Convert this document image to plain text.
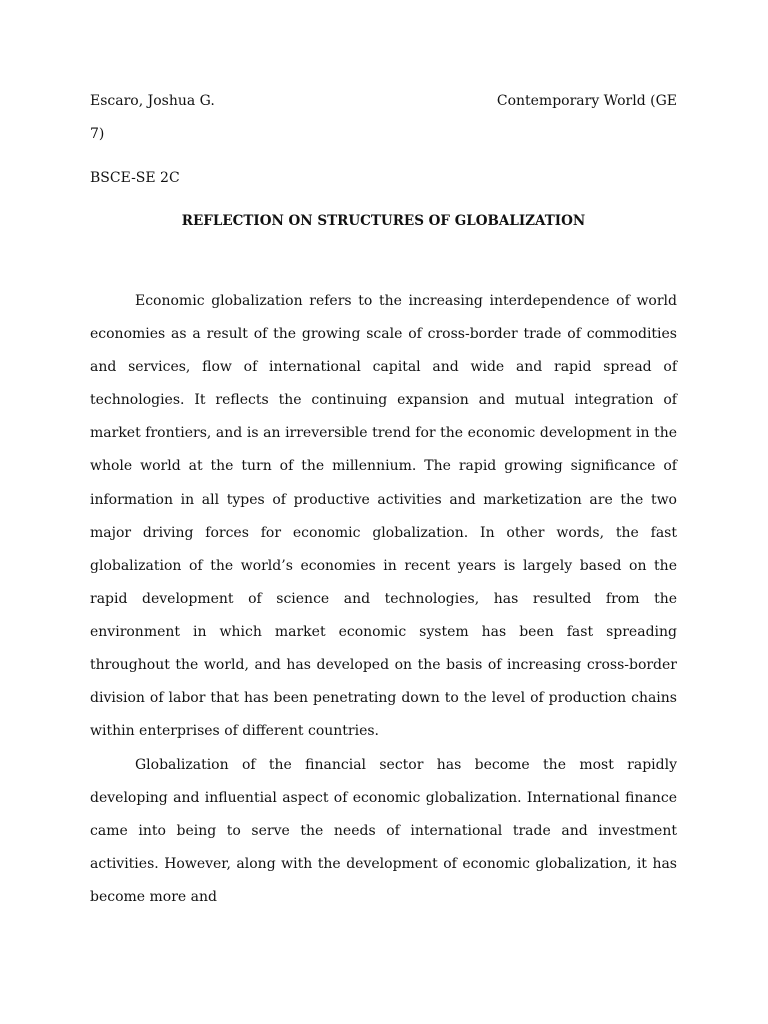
Escaro, Joshua G.	Contemporary World (GE
7)
BSCE-SE 2C
REFLECTION ON STRUCTURES OF GLOBALIZATION

Economic globalization refers to the increasing interdependence of world economies as a result of the growing scale of cross-border trade of commodities and services, flow of international capital and wide and rapid spread of technologies. It reflects the continuing expansion and mutual integration of market frontiers, and is an irreversible trend for the economic development in the whole world at the turn of the millennium. The rapid growing significance of information in all types of productive activities and marketization are the two major driving forces for economic globalization. In other words, the fast globalization of the world’s economies in recent years is largely based on the rapid development of science and technologies, has resulted from the environment in which market economic system has been fast spreading throughout the world, and has developed on the basis of increasing cross-border division of labor that has been penetrating down to the level of production chains within enterprises of different countries.

Globalization of the financial sector has become the most rapidly developing and influential aspect of economic globalization. International finance came into being to serve the needs of international trade and investment activities. However, along with the development of economic globalization, it has become more and
